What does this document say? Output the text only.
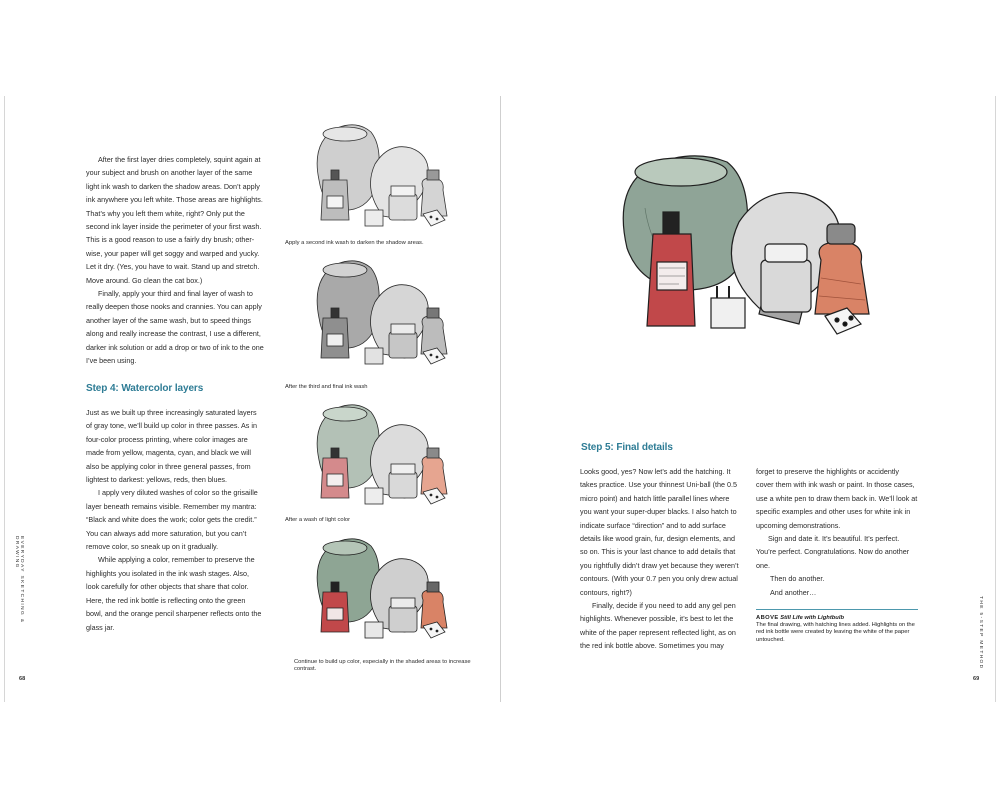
After the first layer dries completely, squint again at your subject and brush on another layer of the same light ink wash to darken the shadow areas. Don’t apply ink anywhere you left white. Those areas are highlights. That’s why you left them white, right? Only put the second ink layer inside the perimeter of your first wash. This is a good reason to use a fairly dry brush; other-wise, your paper will get soggy and warped and yucky. Let it dry. (Yes, you have to wait. Stand up and stretch. Move around. Go clean the cat box.)

Finally, apply your third and final layer of wash to really deepen those nooks and crannies. You can apply another layer of the same wash, but to speed things along and really increase the contrast, I use a different, darker ink solution or add a drop or two of ink to the one I’ve been using.

Step 4: Watercolor layers

Just as we built up three increasingly saturated layers of gray tone, we’ll build up color in three passes. As in four-color process printing, where color images are made from yellow, magenta, cyan, and black we will also be applying color in three general passes, from lightest to darkest: yellows, reds, then blues.

I apply very diluted washes of color so the grisaille layer beneath remains visible. Remember my mantra: “Black and white does the work; color gets the credit.” You can always add more saturation, but you can’t remove color, so sneak up on it gradually.

While applying a color, remember to preserve the highlights you isolated in the ink wash stages. Also, look carefully for other objects that share that color. Here, the red ink bottle is reflecting onto the green bowl, and the orange pencil sharpener reflects onto the glass jar.

Apply a second ink wash to darken the shadow areas.
After the third and final ink wash
After a wash of light color
Continue to build up color, especially in the shaded areas to increase contrast.
EVERYDAY SKETCHING & DRAWING
68
Step 5: Final details

Looks good, yes? Now let’s add the hatching. It takes practice. Use your thinnest Uni-ball (the 0.5 micro point) and hatch little parallel lines where you want your super-duper blacks. I also hatch to indicate surface “direction” and to add surface details like wood grain, fur, design elements, and so on. This is your last chance to add details that you rightfully didn’t draw yet because they weren’t contours. (With your 0.7 pen you only drew actual contours, right?)

Finally, decide if you need to add any gel pen highlights. Whenever possible, it’s best to let the white of the paper represent reflected light, as on the red ink bottle above. Sometimes you may

forget to preserve the highlights or accidently cover them with ink wash or paint. In those cases, use a white pen to draw them back in. We’ll look at specific examples and other uses for white ink in upcoming demonstrations.

Sign and date it. It’s beautiful. It’s perfect. You’re perfect. Congratulations. Now do another one.

Then do another.

And another…

ABOVE Still Life with Lightbulb
The final drawing, with hatching lines added. Highlights on the red ink bottle were created by leaving the white of the paper untouched.	THE 5-STEP METHOD
69
